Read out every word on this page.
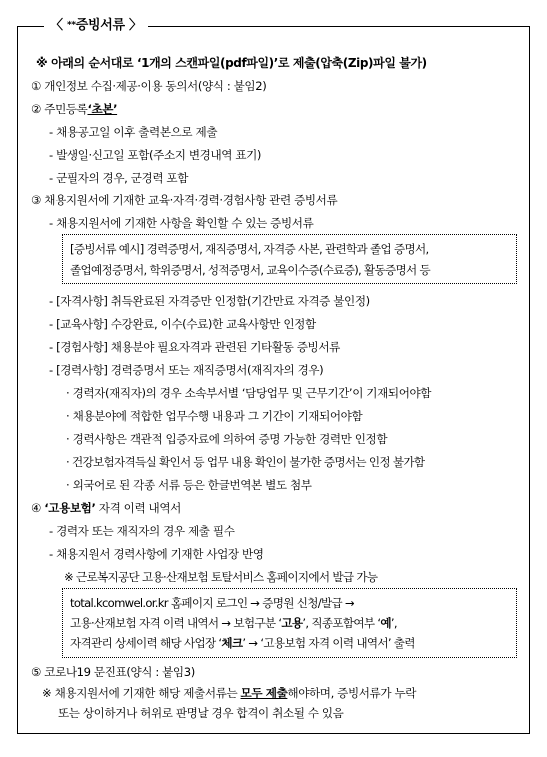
〈 ⁎⁎증빙서류 〉
※ 아래의 순서대로 ‘1개의 스캔파일(pdf파일)’로 제출(압축(Zip)파일 불가)
① 개인정보 수집·제공·이용 동의서(양식 : 붙임2)
② 주민등록‘초본’
- 채용공고일 이후 출력본으로 제출
- 발생일·신고일 포함(주소지 변경내역 표기)
- 군필자의 경우, 군경력 포함
③ 채용지원서에 기재한 교육·자격·경력·경험사항 관련 증빙서류
- 채용지원서에 기재한 사항을 확인할 수 있는 증빙서류
[증빙서류 예시] 경력증명서, 재직증명서, 자격증 사본, 관련학과 졸업 증명서,
졸업예정증명서, 학위증명서, 성적증명서, 교육이수증(수료증), 활동증명서 등
- [자격사항] 취득완료된 자격증만 인정함(기간만료 자격증 불인정)
- [교육사항] 수강완료, 이수(수료)한 교육사항만 인정함
- [경험사항] 채용분야 필요자격과 관련된 기타활동 증빙서류
- [경력사항] 경력증명서 또는 재직증명서(재직자의 경우)
· 경력자(재직자)의 경우 소속부서별 ‘담당업무 및 근무기간’이 기재되어야함
· 채용분야에 적합한 업무수행 내용과 그 기간이 기재되어야함
· 경력사항은 객관적 입증자료에 의하여 증명 가능한 경력만 인정함
· 건강보험자격득실 확인서 등 업무 내용 확인이 불가한 증명서는 인정 불가함
· 외국어로 된 각종 서류 등은 한글번역본 별도 첨부
④ ‘고용보험’ 자격 이력 내역서
- 경력자 또는 재직자의 경우 제출 필수
- 채용지원서 경력사항에 기재한 사업장 반영
※ 근로복지공단 고용·산재보험 토탈서비스 홈페이지에서 발급 가능
total.kcomwel.or.kr 홈페이지 로그인 → 증명원 신청/발급 →
고용·산재보험 자격 이력 내역서 → 보험구분 ‘고용’, 직종포함여부 ‘예’,
자격관리 상세이력 해당 사업장 ‘체크’ → ‘고용보험 자격 이력 내역서’ 출력
⑤ 코로나19 문진표(양식 : 붙임3)
※ 채용지원서에 기재한 해당 제출서류는 모두 제출해야하며, 증빙서류가 누락
또는 상이하거나 허위로 판명날 경우 합격이 취소될 수 있음
